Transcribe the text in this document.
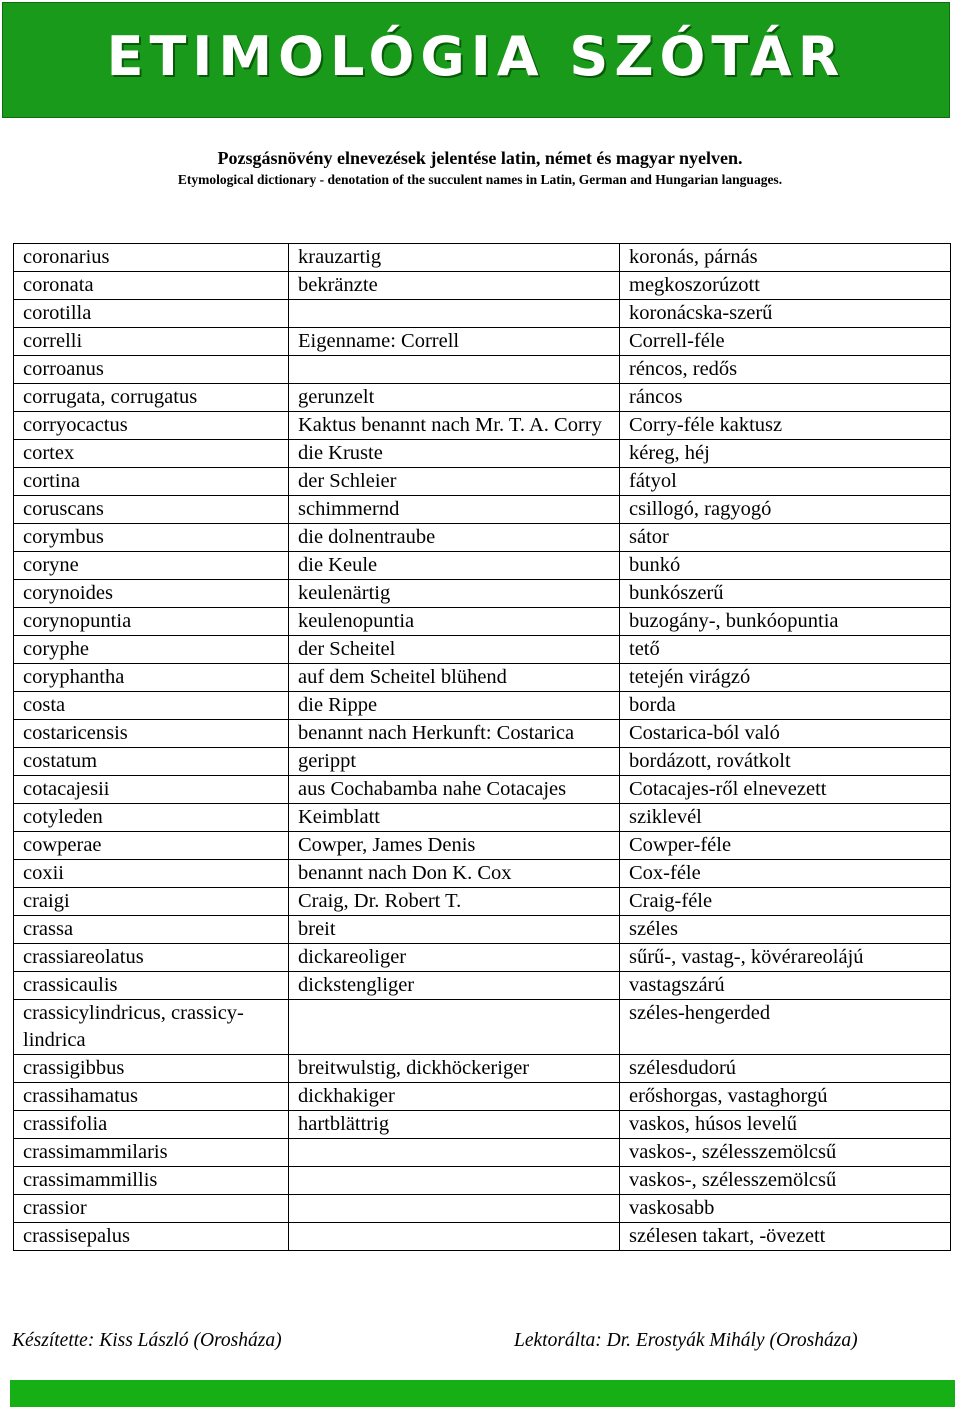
ETIMOLÓGIA SZÓTÁR
Pozsgásnövény elnevezések jelentése latin, német és magyar nyelven.
Etymological dictionary - denotation of the succulent names in Latin, German and Hungarian languages.
coronarius	krauzartig	koronás, párnás
coronata	bekränzte	megkoszorúzott
corotilla		koronácska-szerű
correlli	Eigenname: Correll	Correll-féle
corroanus		réncos, redős
corrugata, corrugatus	gerunzelt	ráncos
corryocactus	Kaktus benannt nach Mr. T. A. Corry	Corry-féle kaktusz
cortex	die Kruste	kéreg, héj
cortina	der Schleier	fátyol
coruscans	schimmernd	csillogó, ragyogó
corymbus	die dolnentraube	sátor
coryne	die Keule	bunkó
corynoides	keulenärtig	bunkószerű
corynopuntia	keulenopuntia	buzogány-, bunkóopuntia
coryphe	der Scheitel	tető
coryphantha	auf dem Scheitel blühend	tetején virágzó
costa	die Rippe	borda
costaricensis	benannt nach Herkunft: Costarica	Costarica-ból való
costatum	gerippt	bordázott, rovátkolt
cotacajesii	aus Cochabamba nahe Cotacajes	Cotacajes-ről elnevezett
cotyleden	Keimblatt	sziklevél
cowperae	Cowper, James Denis	Cowper-féle
coxii	benannt nach Don K. Cox	Cox-féle
craigi	Craig, Dr. Robert T.	Craig-féle
crassa	breit	széles
crassiareolatus	dickareoliger	sűrű-, vastag-, kövérareolájú
crassicaulis	dickstengliger	vastagszárú
crassicylindricus, crassicy-lindrica		széles-hengerded
crassigibbus	breitwulstig, dickhöckeriger	szélesdudorú
crassihamatus	dickhakiger	erőshorgas, vastaghorgú
crassifolia	hartblättrig	vaskos, húsos levelű
crassimammilaris		vaskos-, szélesszemölcsű
crassimammillis		vaskos-, szélesszemölcsű
crassior		vaskosabb
crassisepalus		szélesen takart, -övezett
Készítette: Kiss László (Orosháza)	Lektorálta: Dr. Erostyák Mihály (Orosháza)
